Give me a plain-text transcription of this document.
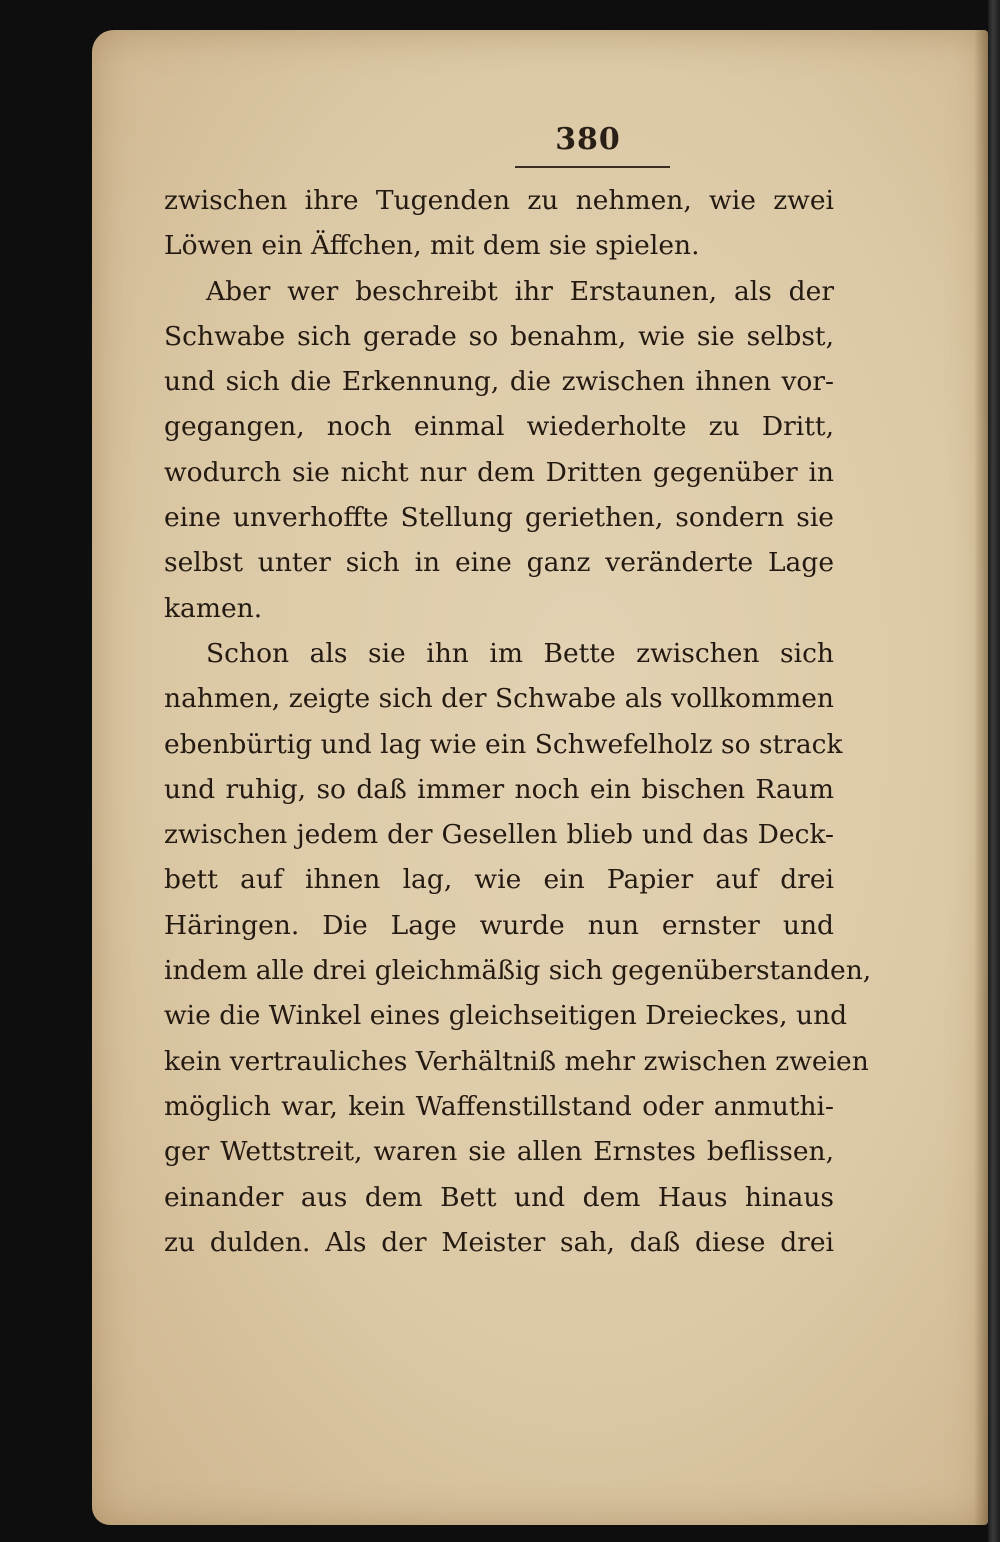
380
zwischen ihre Tugenden zu nehmen, wie zwei
Löwen ein Äffchen, mit dem sie spielen.
Aber wer beschreibt ihr Erstaunen, als der
Schwabe sich gerade so benahm, wie sie selbst,
und sich die Erkennung, die zwischen ihnen vor-
gegangen, noch einmal wiederholte zu Dritt,
wodurch sie nicht nur dem Dritten gegenüber in
eine unverhoffte Stellung geriethen, sondern sie
selbst unter sich in eine ganz veränderte Lage
kamen.
Schon als sie ihn im Bette zwischen sich
nahmen, zeigte sich der Schwabe als vollkommen
ebenbürtig und lag wie ein Schwefelholz so strack
und ruhig, so daß immer noch ein bischen Raum
zwischen jedem der Gesellen blieb und das Deck-
bett auf ihnen lag, wie ein Papier auf drei
Häringen. Die Lage wurde nun ernster und
indem alle drei gleichmäßig sich gegenüberstanden,
wie die Winkel eines gleichseitigen Dreieckes, und
kein vertrauliches Verhältniß mehr zwischen zweien
möglich war, kein Waffenstillstand oder anmuthi-
ger Wettstreit, waren sie allen Ernstes beflissen,
einander aus dem Bett und dem Haus hinaus
zu dulden. Als der Meister sah, daß diese drei
